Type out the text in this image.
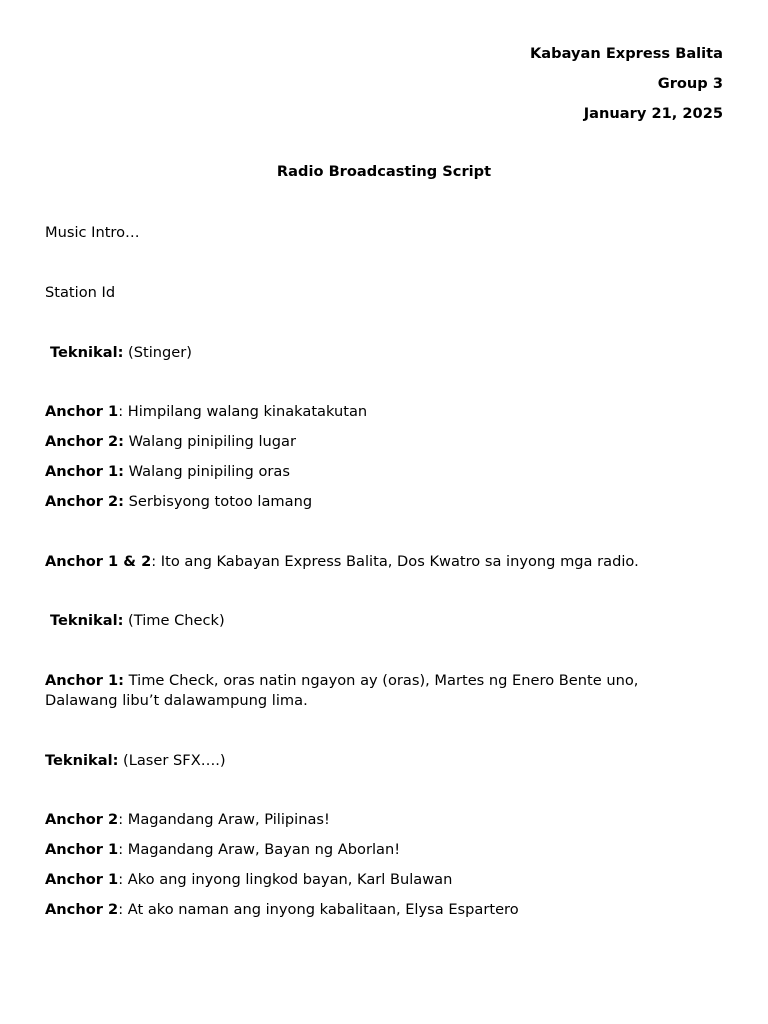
Kabayan Express Balita
Group 3
January 21, 2025
Radio Broadcasting Script
Music Intro…
Station Id
Teknikal: (Stinger)
Anchor 1: Himpilang walang kinakatakutan
Anchor 2: Walang pinipiling lugar
Anchor 1: Walang pinipiling oras
Anchor 2: Serbisyong totoo lamang
Anchor 1 & 2: Ito ang Kabayan Express Balita, Dos Kwatro sa inyong mga radio.
Teknikal: (Time Check)
Anchor 1: Time Check, oras natin ngayon ay (oras), Martes ng Enero Bente uno, Dalawang libu’t dalawampung lima.
Teknikal: (Laser SFX….)
Anchor 2: Magandang Araw, Pilipinas!
Anchor 1: Magandang Araw, Bayan ng Aborlan!
Anchor 1: Ako ang inyong lingkod bayan, Karl Bulawan
Anchor 2: At ako naman ang inyong kabalitaan, Elysa Espartero
